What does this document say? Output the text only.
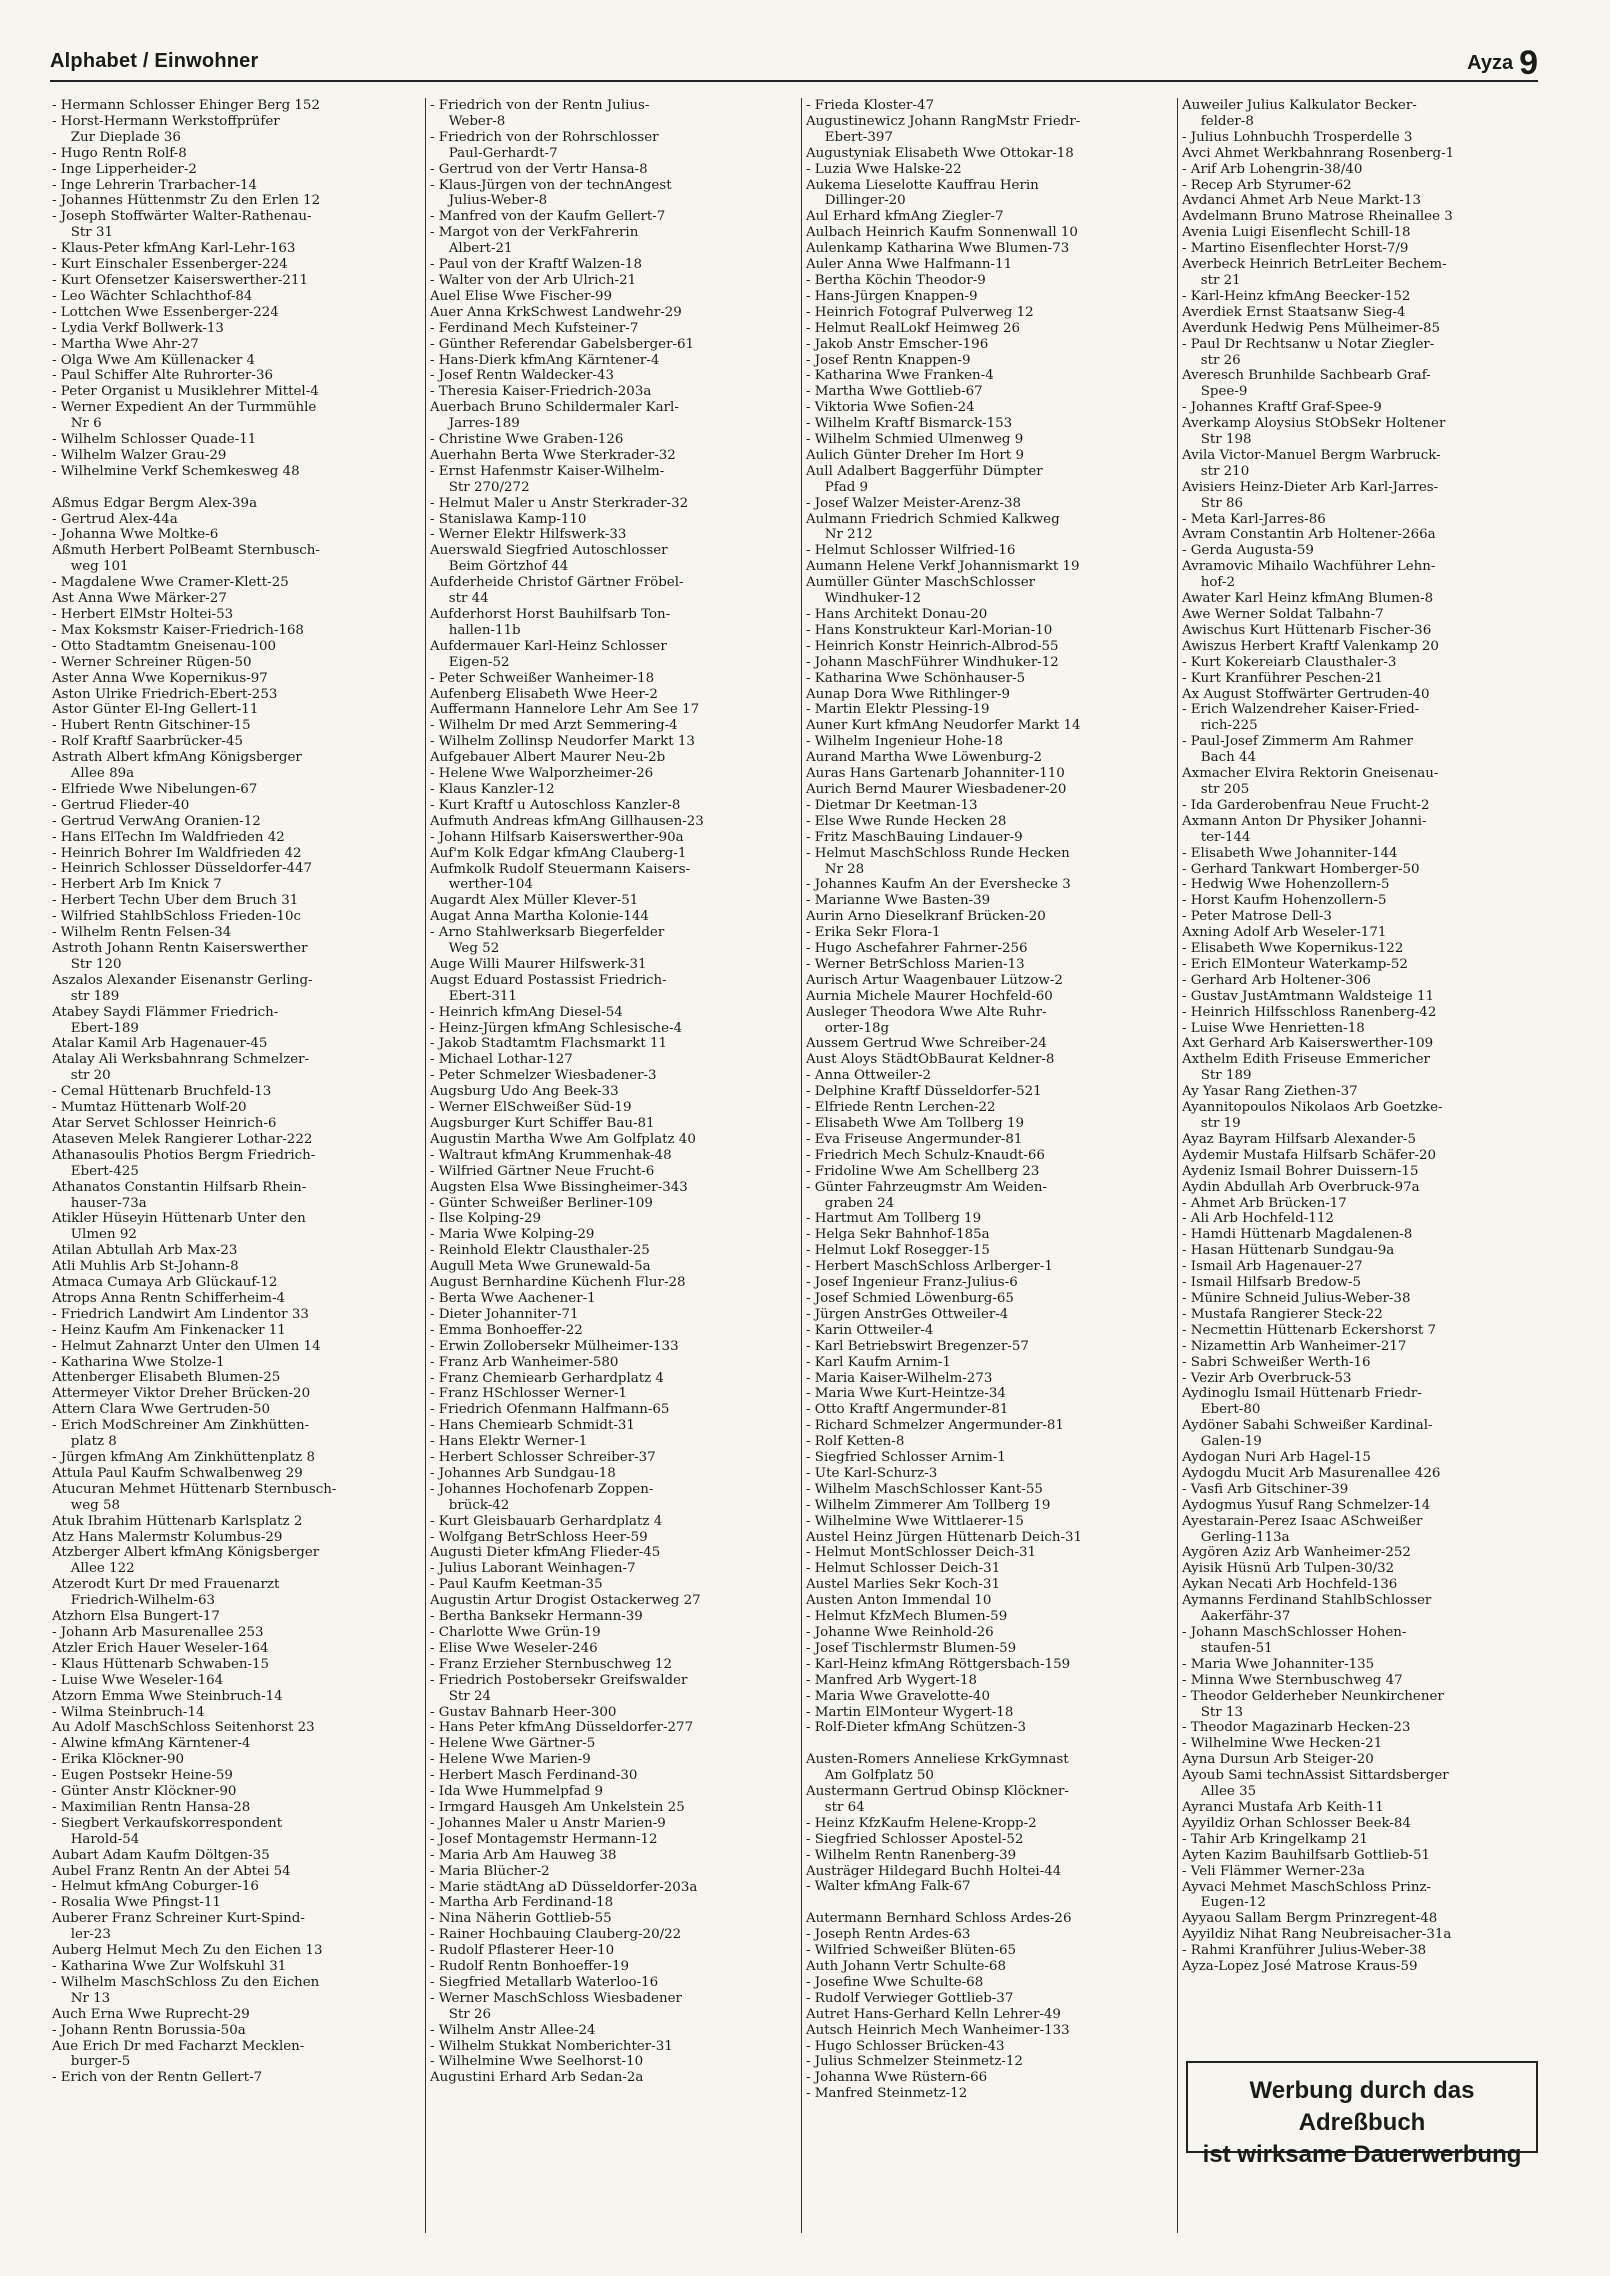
Alphabet / Einwohner	Ayza 9
- Hermann Schlosser Ehinger Berg 152
- Horst-Hermann Werkstoffprüfer
Zur Dieplade 36
- Hugo Rentn Rolf-8
- Inge Lipperheider-2
- Inge Lehrerin Trarbacher-14
- Johannes Hüttenmstr Zu den Erlen 12
- Joseph Stoffwärter Walter-Rathenau-
Str 31
- Klaus-Peter kfmAng Karl-Lehr-163
- Kurt Einschaler Essenberger-224
- Kurt Ofensetzer Kaiserswerther-211
- Leo Wächter Schlachthof-84
- Lottchen Wwe Essenberger-224
- Lydia Verkf Bollwerk-13
- Martha Wwe Ahr-27
- Olga Wwe Am Küllenacker 4
- Paul Schiffer Alte Ruhrorter-36
- Peter Organist u Musiklehrer Mittel-4
- Werner Expedient An der Turmmühle
Nr 6
- Wilhelm Schlosser Quade-11
- Wilhelm Walzer Grau-29
- Wilhelmine Verkf Schemkesweg 48
Aßmus Edgar Bergm Alex-39a
- Gertrud Alex-44a
- Johanna Wwe Moltke-6
Aßmuth Herbert PolBeamt Sternbusch-
weg 101
- Magdalene Wwe Cramer-Klett-25
Ast Anna Wwe Märker-27
- Herbert ElMstr Holtei-53
- Max Koksmstr Kaiser-Friedrich-168
- Otto Stadtamtm Gneisenau-100
- Werner Schreiner Rügen-50
Aster Anna Wwe Kopernikus-97
Aston Ulrike Friedrich-Ebert-253
Astor Günter El-Ing Gellert-11
- Hubert Rentn Gitschiner-15
- Rolf Kraftf Saarbrücker-45
Astrath Albert kfmAng Königsberger
Allee 89a
- Elfriede Wwe Nibelungen-67
- Gertrud Flieder-40
- Gertrud VerwAng Oranien-12
- Hans ElTechn Im Waldfrieden 42
- Heinrich Bohrer Im Waldfrieden 42
- Heinrich Schlosser Düsseldorfer-447
- Herbert Arb Im Knick 7
- Herbert Techn Über dem Bruch 31
- Wilfried StahlbSchloss Frieden-10c
- Wilhelm Rentn Felsen-34
Astroth Johann Rentn Kaiserswerther
Str 120
Aszalos Alexander Eisenanstr Gerling-
str 189
Atabey Saydi Flämmer Friedrich-
Ebert-189
Atalar Kamil Arb Hagenauer-45
Atalay Ali Werksbahnrang Schmelzer-
str 20
- Cemal Hüttenarb Bruchfeld-13
- Mumtaz Hüttenarb Wolf-20
Atar Servet Schlosser Heinrich-6
Ataseven Melek Rangierer Lothar-222
Athanasoulis Photios Bergm Friedrich-
Ebert-425
Athanatos Constantin Hilfsarb Rhein-
hauser-73a
Atikler Hüseyin Hüttenarb Unter den
Ulmen 92
Atilan Abtullah Arb Max-23
Atli Muhlis Arb St-Johann-8
Atmaca Cumaya Arb Glückauf-12
Atrops Anna Rentn Schifferheim-4
- Friedrich Landwirt Am Lindentor 33
- Heinz Kaufm Am Finkenacker 11
- Helmut Zahnarzt Unter den Ulmen 14
- Katharina Wwe Stolze-1
Attenberger Elisabeth Blumen-25
Attermeyer Viktor Dreher Brücken-20
Attern Clara Wwe Gertruden-50
- Erich ModSchreiner Am Zinkhütten-
platz 8
- Jürgen kfmAng Am Zinkhüttenplatz 8
Attula Paul Kaufm Schwalbenweg 29
Atucuran Mehmet Hüttenarb Sternbusch-
weg 58
Atuk Ibrahim Hüttenarb Karlsplatz 2
Atz Hans Malermstr Kolumbus-29
Atzberger Albert kfmAng Königsberger
Allee 122
Atzerodt Kurt Dr med Frauenarzt
Friedrich-Wilhelm-63
Atzhorn Elsa Bungert-17
- Johann Arb Masurenallee 253
Atzler Erich Hauer Weseler-164
- Klaus Hüttenarb Schwaben-15
- Luise Wwe Weseler-164
Atzorn Emma Wwe Steinbruch-14
- Wilma Steinbruch-14
Au Adolf MaschSchloss Seitenhorst 23
- Alwine kfmAng Kärntener-4
- Erika Klöckner-90
- Eugen Postsekr Heine-59
- Günter Anstr Klöckner-90
- Maximilian Rentn Hansa-28
- Siegbert Verkaufskorrespondent
Harold-54
Aubart Adam Kaufm Döltgen-35
Aubel Franz Rentn An der Abtei 54
- Helmut kfmAng Coburger-16
- Rosalia Wwe Pfingst-11
Auberer Franz Schreiner Kurt-Spind-
ler-23
Auberg Helmut Mech Zu den Eichen 13
- Katharina Wwe Zur Wolfskuhl 31
- Wilhelm MaschSchloss Zu den Eichen
Nr 13
Auch Erna Wwe Ruprecht-29
- Johann Rentn Borussia-50a
Aue Erich Dr med Facharzt Mecklen-
burger-5
- Erich von der Rentn Gellert-7
- Friedrich von der Rentn Julius-
Weber-8
- Friedrich von der Rohrschlosser
Paul-Gerhardt-7
- Gertrud von der Vertr Hansa-8
- Klaus-Jürgen von der technAngest
Julius-Weber-8
- Manfred von der Kaufm Gellert-7
- Margot von der VerkFahrerin
Albert-21
- Paul von der Kraftf Walzen-18
- Walter von der Arb Ulrich-21
Auel Elise Wwe Fischer-99
Auer Anna KrkSchwest Landwehr-29
- Ferdinand Mech Kufsteiner-7
- Günther Referendar Gabelsberger-61
- Hans-Dierk kfmAng Kärntener-4
- Josef Rentn Waldecker-43
- Theresia Kaiser-Friedrich-203a
Auerbach Bruno Schildermaler Karl-
Jarres-189
- Christine Wwe Graben-126
Auerhahn Berta Wwe Sterkrader-32
- Ernst Hafenmstr Kaiser-Wilhelm-
Str 270/272
- Helmut Maler u Anstr Sterkrader-32
- Stanislawa Kamp-110
- Werner Elektr Hilfswerk-33
Auerswald Siegfried Autoschlosser
Beim Görtzhof 44
Aufderheide Christof Gärtner Fröbel-
str 44
Aufderhorst Horst Bauhilfsarb Ton-
hallen-11b
Aufdermauer Karl-Heinz Schlosser
Eigen-52
- Peter Schweißer Wanheimer-18
Aufenberg Elisabeth Wwe Heer-2
Auffermann Hannelore Lehr Am See 17
- Wilhelm Dr med Arzt Semmering-4
- Wilhelm Zollinsp Neudorfer Markt 13
Aufgebauer Albert Maurer Neu-2b
- Helene Wwe Walporzheimer-26
- Klaus Kanzler-12
- Kurt Kraftf u Autoschloss Kanzler-8
Aufmuth Andreas kfmAng Gillhausen-23
- Johann Hilfsarb Kaiserswerther-90a
Auf'm Kolk Edgar kfmAng Clauberg-1
Aufmkolk Rudolf Steuermann Kaisers-
werther-104
Augardt Alex Müller Klever-51
Augat Anna Martha Kolonie-144
- Arno Stahlwerksarb Biegerfelder
Weg 52
Auge Willi Maurer Hilfswerk-31
Augst Eduard Postassist Friedrich-
Ebert-311
- Heinrich kfmAng Diesel-54
- Heinz-Jürgen kfmAng Schlesische-4
- Jakob Stadtamtm Flachsmarkt 11
- Michael Lothar-127
- Peter Schmelzer Wiesbadener-3
Augsburg Udo Ang Beek-33
- Werner ElSchweißer Süd-19
Augsburger Kurt Schiffer Bau-81
Augustin Martha Wwe Am Golfplatz 40
- Waltraut kfmAng Krummenhak-48
- Wilfried Gärtner Neue Frucht-6
Augsten Elsa Wwe Bissingheimer-343
- Günter Schweißer Berliner-109
- Ilse Kolping-29
- Maria Wwe Kolping-29
- Reinhold Elektr Clausthaler-25
Augull Meta Wwe Grunewald-5a
August Bernhardine Küchenh Flur-28
- Berta Wwe Aachener-1
- Dieter Johanniter-71
- Emma Bonhoeffer-22
- Erwin Zollobersekr Mülheimer-133
- Franz Arb Wanheimer-580
- Franz Chemiearb Gerhardplatz 4
- Franz HSchlosser Werner-1
- Friedrich Ofenmann Halfmann-65
- Hans Chemiearb Schmidt-31
- Hans Elektr Werner-1
- Herbert Schlosser Schreiber-37
- Johannes Arb Sundgau-18
- Johannes Hochofenarb Zoppen-
brück-42
- Kurt Gleisbauarb Gerhardplatz 4
- Wolfgang BetrSchloss Heer-59
Augusti Dieter kfmAng Flieder-45
- Julius Laborant Weinhagen-7
- Paul Kaufm Keetman-35
Augustin Artur Drogist Ostackerweg 27
- Bertha Banksekr Hermann-39
- Charlotte Wwe Grün-19
- Elise Wwe Weseler-246
- Franz Erzieher Sternbuschweg 12
- Friedrich Postobersekr Greifswalder
Str 24
- Gustav Bahnarb Heer-300
- Hans Peter kfmAng Düsseldorfer-277
- Helene Wwe Gärtner-5
- Helene Wwe Marien-9
- Herbert Masch Ferdinand-30
- Ida Wwe Hummelpfad 9
- Irmgard Hausgeh Am Unkelstein 25
- Johannes Maler u Anstr Marien-9
- Josef Montagemstr Hermann-12
- Maria Arb Am Hauweg 38
- Maria Blücher-2
- Marie städtAng aD Düsseldorfer-203a
- Martha Arb Ferdinand-18
- Nina Näherin Gottlieb-55
- Rainer Hochbauing Clauberg-20/22
- Rudolf Pflasterer Heer-10
- Rudolf Rentn Bonhoeffer-19
- Siegfried Metallarb Waterloo-16
- Werner MaschSchloss Wiesbadener
Str 26
- Wilhelm Anstr Allee-24
- Wilhelm Stukkat Nomberichter-31
- Wilhelmine Wwe Seelhorst-10
Augustini Erhard Arb Sedan-2a
- Frieda Kloster-47
Augustinewicz Johann RangMstr Friedr-
Ebert-397
Augustyniak Elisabeth Wwe Ottokar-18
- Luzia Wwe Halske-22
Aukema Lieselotte Kauffrau Herin
Dillinger-20
Aul Erhard kfmAng Ziegler-7
Aulbach Heinrich Kaufm Sonnenwall 10
Aulenkamp Katharina Wwe Blumen-73
Auler Anna Wwe Halfmann-11
- Bertha Köchin Theodor-9
- Hans-Jürgen Knappen-9
- Heinrich Fotograf Pulverweg 12
- Helmut RealLokf Heimweg 26
- Jakob Anstr Emscher-196
- Josef Rentn Knappen-9
- Katharina Wwe Franken-4
- Martha Wwe Gottlieb-67
- Viktoria Wwe Sofien-24
- Wilhelm Kraftf Bismarck-153
- Wilhelm Schmied Ulmenweg 9
Aulich Günter Dreher Im Hort 9
Aull Adalbert Baggerführ Dümpter
Pfad 9
- Josef Walzer Meister-Arenz-38
Aulmann Friedrich Schmied Kalkweg
Nr 212
- Helmut Schlosser Wilfried-16
Aumann Helene Verkf Johannismarkt 19
Aumüller Günter MaschSchlosser
Windhuker-12
- Hans Architekt Donau-20
- Hans Konstrukteur Karl-Morian-10
- Heinrich Konstr Heinrich-Albrod-55
- Johann MaschFührer Windhuker-12
- Katharina Wwe Schönhauser-5
Aunap Dora Wwe Rithlinger-9
- Martin Elektr Plessing-19
Auner Kurt kfmAng Neudorfer Markt 14
- Wilhelm Ingenieur Hohe-18
Aurand Martha Wwe Löwenburg-2
Auras Hans Gartenarb Johanniter-110
Aurich Bernd Maurer Wiesbadener-20
- Dietmar Dr Keetman-13
- Else Wwe Runde Hecken 28
- Fritz MaschBauing Lindauer-9
- Helmut MaschSchloss Runde Hecken
Nr 28
- Johannes Kaufm An der Evershecke 3
- Marianne Wwe Basten-39
Aurin Arno Dieselkranf Brücken-20
- Erika Sekr Flora-1
- Hugo Aschefahrer Fahrner-256
- Werner BetrSchloss Marien-13
Aurisch Artur Waagenbauer Lützow-2
Aurnia Michele Maurer Hochfeld-60
Ausleger Theodora Wwe Alte Ruhr-
orter-18g
Aussem Gertrud Wwe Schreiber-24
Aust Aloys StädtObBaurat Keldner-8
- Anna Ottweiler-2
- Delphine Kraftf Düsseldorfer-521
- Elfriede Rentn Lerchen-22
- Elisabeth Wwe Am Tollberg 19
- Eva Friseuse Angermunder-81
- Friedrich Mech Schulz-Knaudt-66
- Fridoline Wwe Am Schellberg 23
- Günter Fahrzeugmstr Am Weiden-
graben 24
- Hartmut Am Tollberg 19
- Helga Sekr Bahnhof-185a
- Helmut Lokf Rosegger-15
- Herbert MaschSchloss Arlberger-1
- Josef Ingenieur Franz-Julius-6
- Josef Schmied Löwenburg-65
- Jürgen AnstrGes Ottweiler-4
- Karin Ottweiler-4
- Karl Betriebswirt Bregenzer-57
- Karl Kaufm Arnim-1
- Maria Kaiser-Wilhelm-273
- Maria Wwe Kurt-Heintze-34
- Otto Kraftf Angermunder-81
- Richard Schmelzer Angermunder-81
- Rolf Ketten-8
- Siegfried Schlosser Arnim-1
- Ute Karl-Schurz-3
- Wilhelm MaschSchlosser Kant-55
- Wilhelm Zimmerer Am Tollberg 19
- Wilhelmine Wwe Wittlaerer-15
Austel Heinz Jürgen Hüttenarb Deich-31
- Helmut MontSchlosser Deich-31
- Helmut Schlosser Deich-31
Austel Marlies Sekr Koch-31
Austen Anton Immendal 10
- Helmut KfzMech Blumen-59
- Johanne Wwe Reinhold-26
- Josef Tischlermstr Blumen-59
- Karl-Heinz kfmAng Röttgersbach-159
- Manfred Arb Wygert-18
- Maria Wwe Gravelotte-40
- Martin ElMonteur Wygert-18
- Rolf-Dieter kfmAng Schützen-3
Austen-Romers Anneliese KrkGymnast
Am Golfplatz 50
Austermann Gertrud Obinsp Klöckner-
str 64
- Heinz KfzKaufm Helene-Kropp-2
- Siegfried Schlosser Apostel-52
- Wilhelm Rentn Ranenberg-39
Austräger Hildegard Buchh Holtei-44
- Walter kfmAng Falk-67
Autermann Bernhard Schloss Ardes-26
- Joseph Rentn Ardes-63
- Wilfried Schweißer Blüten-65
Auth Johann Vertr Schulte-68
- Josefine Wwe Schulte-68
- Rudolf Verwieger Gottlieb-37
Autret Hans-Gerhard Kelln Lehrer-49
Autsch Heinrich Mech Wanheimer-133
- Hugo Schlosser Brücken-43
- Julius Schmelzer Steinmetz-12
- Johanna Wwe Rüstern-66
- Manfred Steinmetz-12
Auweiler Julius Kalkulator Becker-
felder-8
- Julius Lohnbuchh Trosperdelle 3
Avci Ahmet Werkbahnrang Rosenberg-1
- Arif Arb Lohengrin-38/40
- Recep Arb Styrumer-62
Avdanci Ahmet Arb Neue Markt-13
Avdelmann Bruno Matrose Rheinallee 3
Avenia Luigi Eisenflecht Schill-18
- Martino Eisenflechter Horst-7/9
Averbeck Heinrich BetrLeiter Bechem-
str 21
- Karl-Heinz kfmAng Beecker-152
Averdiek Ernst Staatsanw Sieg-4
Averdunk Hedwig Pens Mülheimer-85
- Paul Dr Rechtsanw u Notar Ziegler-
str 26
Averesch Brunhilde Sachbearb Graf-
Spee-9
- Johannes Kraftf Graf-Spee-9
Averkamp Aloysius StObSekr Holtener
Str 198
Avila Victor-Manuel Bergm Warbruck-
str 210
Avisiers Heinz-Dieter Arb Karl-Jarres-
Str 86
- Meta Karl-Jarres-86
Avram Constantin Arb Holtener-266a
- Gerda Augusta-59
Avramovic Mihailo Wachführer Lehn-
hof-2
Awater Karl Heinz kfmAng Blumen-8
Awe Werner Soldat Talbahn-7
Awischus Kurt Hüttenarb Fischer-36
Awiszus Herbert Kraftf Valenkamp 20
- Kurt Kokereiarb Clausthaler-3
- Kurt Kranführer Peschen-21
Ax August Stoffwärter Gertruden-40
- Erich Walzendreher Kaiser-Fried-
rich-225
- Paul-Josef Zimmerm Am Rahmer
Bach 44
Axmacher Elvira Rektorin Gneisenau-
str 205
- Ida Garderobenfrau Neue Frucht-2
Axmann Anton Dr Physiker Johanni-
ter-144
- Elisabeth Wwe Johanniter-144
- Gerhard Tankwart Homberger-50
- Hedwig Wwe Hohenzollern-5
- Horst Kaufm Hohenzollern-5
- Peter Matrose Dell-3
Axning Adolf Arb Weseler-171
- Elisabeth Wwe Kopernikus-122
- Erich ElMonteur Waterkamp-52
- Gerhard Arb Holtener-306
- Gustav JustAmtmann Waldsteige 11
- Heinrich Hilfsschloss Ranenberg-42
- Luise Wwe Henrietten-18
Axt Gerhard Arb Kaiserswerther-109
Axthelm Edith Friseuse Emmericher
Str 189
Ay Yasar Rang Ziethen-37
Ayannitopoulos Nikolaos Arb Goetzke-
str 19
Ayaz Bayram Hilfsarb Alexander-5
Aydemir Mustafa Hilfsarb Schäfer-20
Aydeniz Ismail Bohrer Duissern-15
Aydin Abdullah Arb Overbruck-97a
- Ahmet Arb Brücken-17
- Ali Arb Hochfeld-112
- Hamdi Hüttenarb Magdalenen-8
- Hasan Hüttenarb Sundgau-9a
- Ismail Arb Hagenauer-27
- Ismail Hilfsarb Bredow-5
- Münire Schneid Julius-Weber-38
- Mustafa Rangierer Steck-22
- Necmettin Hüttenarb Eckershorst 7
- Nizamettin Arb Wanheimer-217
- Sabri Schweißer Werth-16
- Vezir Arb Overbruck-53
Aydinoglu Ismail Hüttenarb Friedr-
Ebert-80
Aydöner Sabahi Schweißer Kardinal-
Galen-19
Aydogan Nuri Arb Hagel-15
Aydogdu Mucit Arb Masurenallee 426
- Vasfi Arb Gitschiner-39
Aydogmus Yusuf Rang Schmelzer-14
Ayestarain-Perez Isaac ASchweißer
Gerling-113a
Aygören Aziz Arb Wanheimer-252
Ayisik Hüsnü Arb Tulpen-30/32
Aykan Necati Arb Hochfeld-136
Aymanns Ferdinand StahlbSchlosser
Aakerfähr-37
- Johann MaschSchlosser Hohen-
staufen-51
- Maria Wwe Johanniter-135
- Minna Wwe Sternbuschweg 47
- Theodor Gelderheber Neunkirchener
Str 13
- Theodor Magazinarb Hecken-23
- Wilhelmine Wwe Hecken-21
Ayna Dursun Arb Steiger-20
Ayoub Sami technAssist Sittardsberger
Allee 35
Ayranci Mustafa Arb Keith-11
Ayyildiz Orhan Schlosser Beek-84
- Tahir Arb Kringelkamp 21
Ayten Kazim Bauhilfsarb Gottlieb-51
- Veli Flämmer Werner-23a
Ayvaci Mehmet MaschSchloss Prinz-
Eugen-12
Ayyaou Sallam Bergm Prinzregent-48
Ayyildiz Nihat Rang Neubreisacher-31a
- Rahmi Kranführer Julius-Weber-38
Ayza-Lopez José Matrose Kraus-59
Werbung durch das Adreßbuch
ist wirksame Dauerwerbung
